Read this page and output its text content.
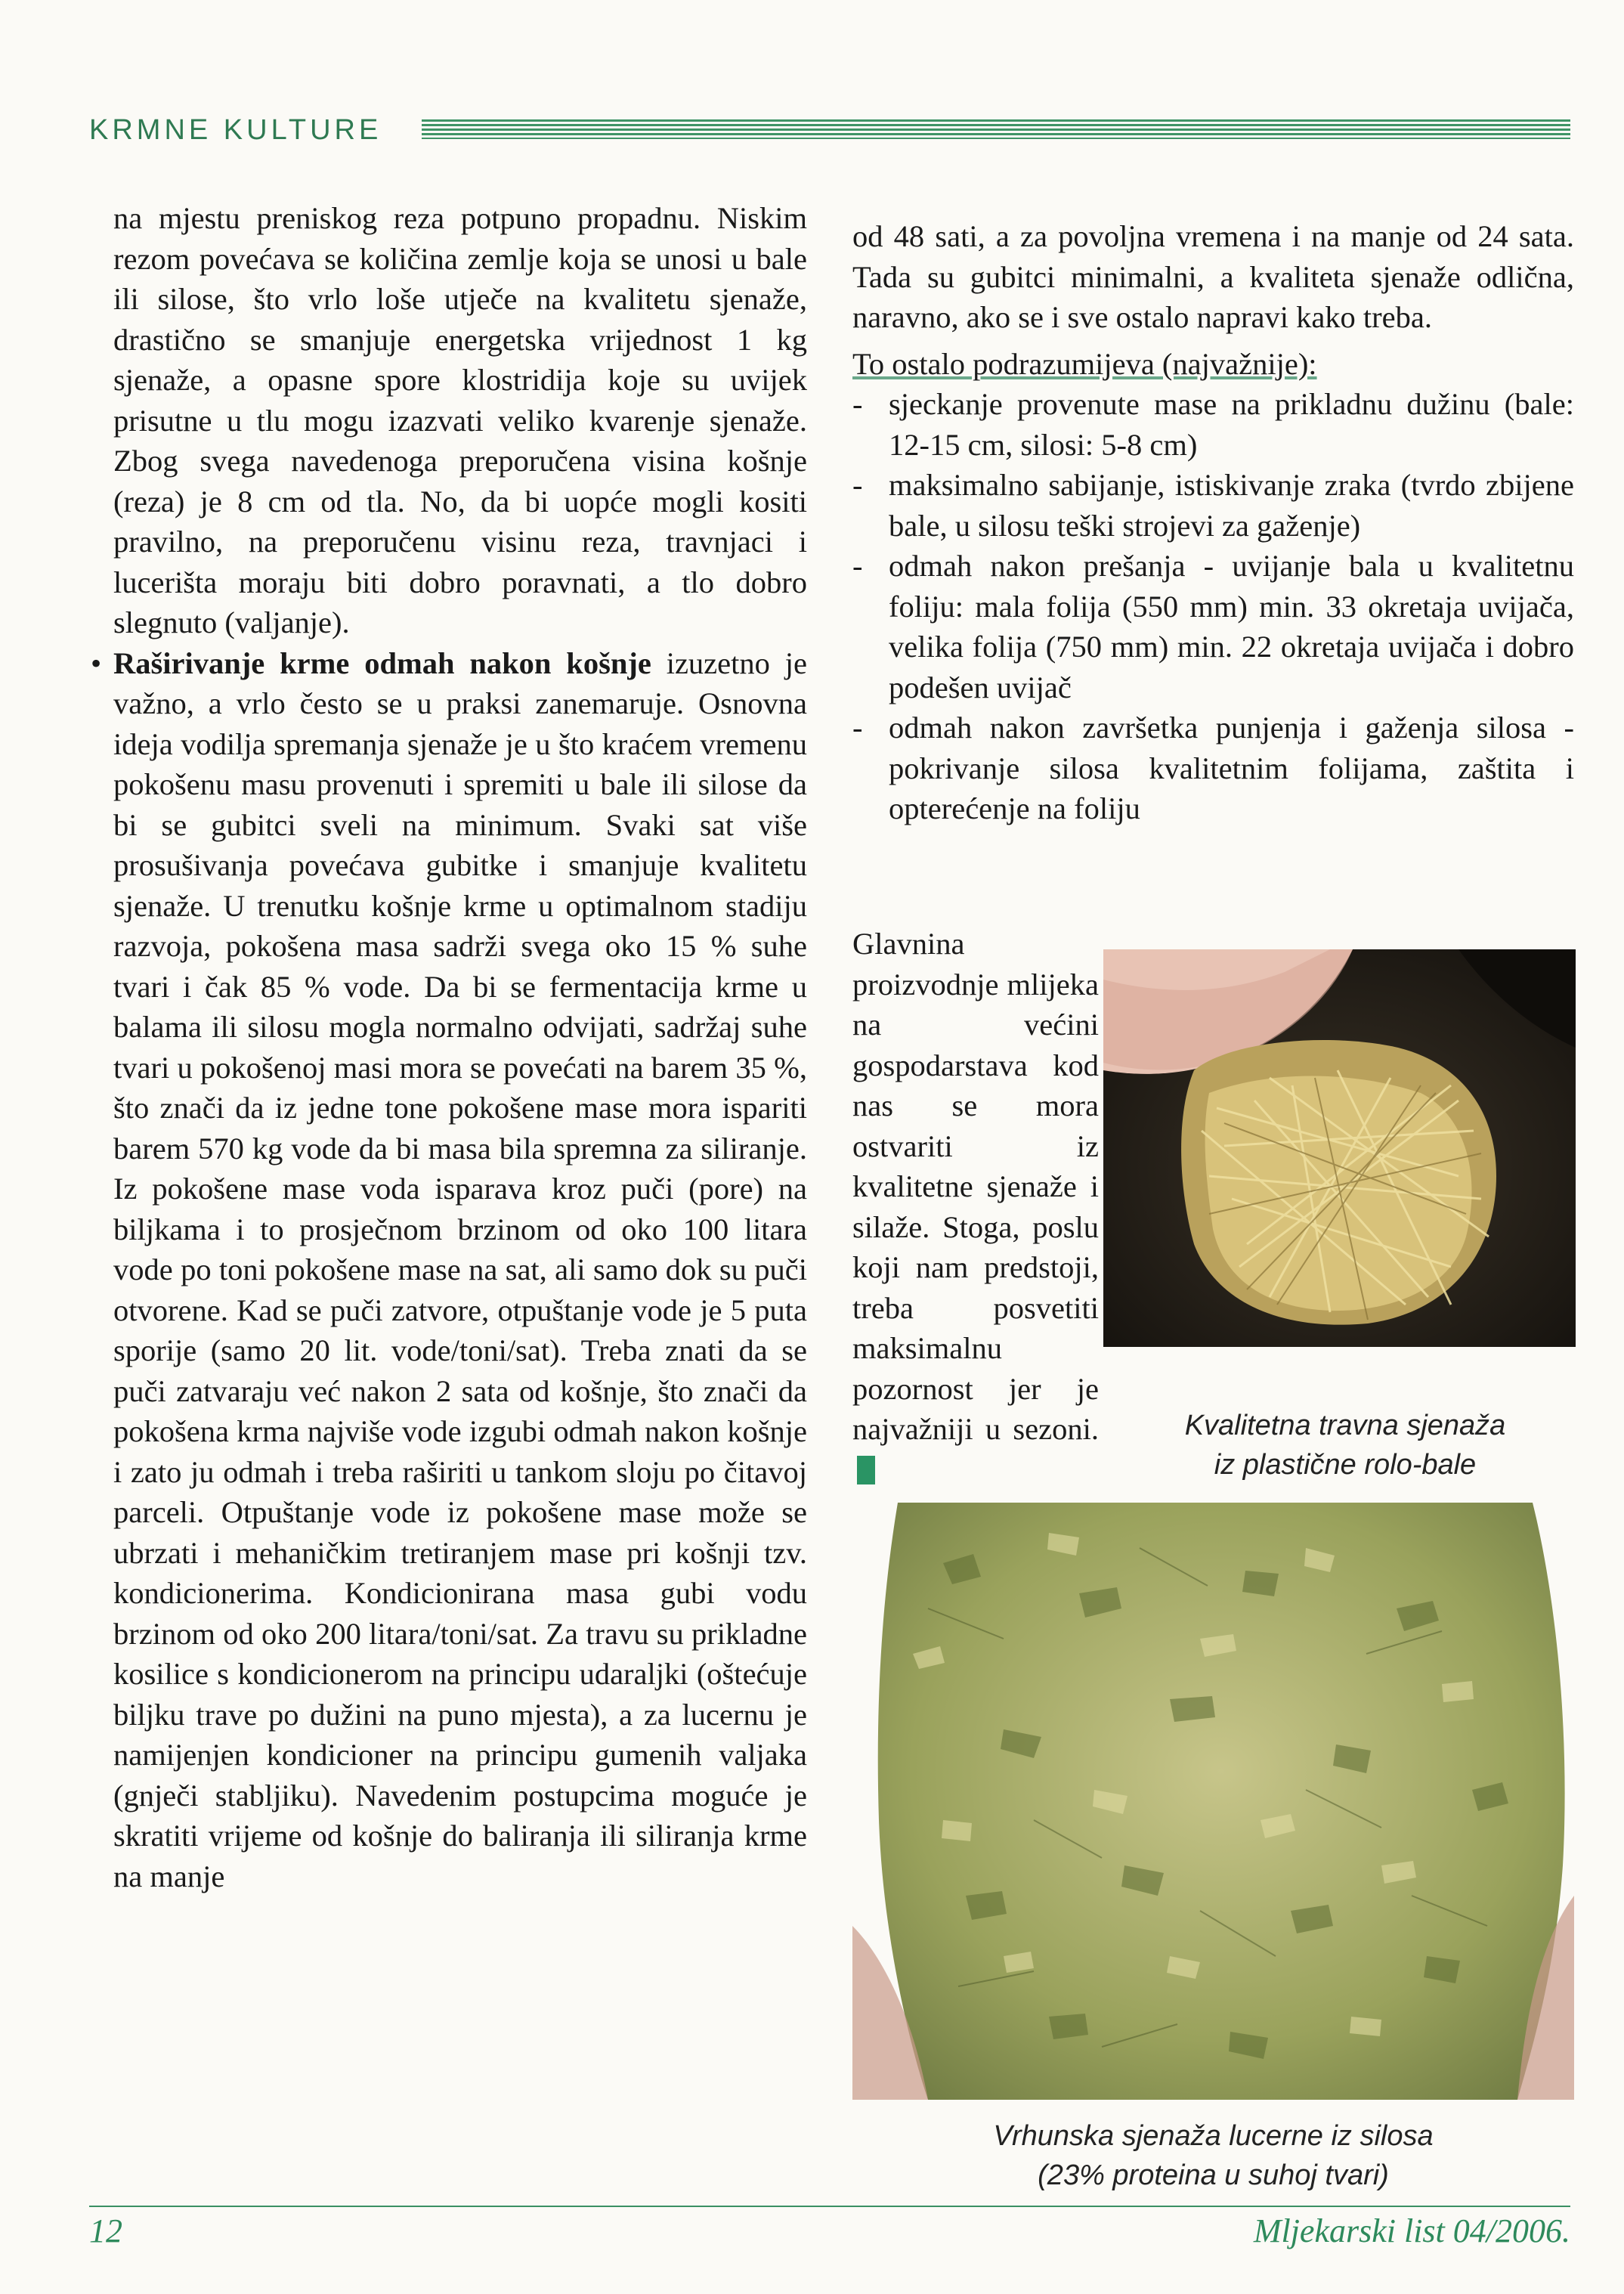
KRMNE KULTURE

na mjestu preniskog reza potpuno propadnu. Niskim rezom povećava se količina zemlje koja se unosi u bale ili silose, što vrlo loše utječe na kvalitetu sjenaže, drastično se smanjuje energetska vrijednost 1 kg sjenaže, a opasne spore klostridija koje su uvijek prisutne u tlu mogu izazvati veliko kvarenje sjenaže. Zbog svega navedenoga preporučena visina košnje (reza) je 8 cm od tla. No, da bi uopće mogli kositi pravilno, na preporučenu visinu reza, travnjaci i lucerišta moraju biti dobro poravnati, a tlo dobro slegnuto (valjanje).

• Raširivanje krme odmah nakon košnje izuzetno je važno, a vrlo često se u praksi zanemaruje. Osnovna ideja vodilja spremanja sjenaže je u što kraćem vremenu pokošenu masu provenuti i spremiti u bale ili silose da bi se gubitci sveli na minimum. Svaki sat više prosušivanja povećava gubitke i smanjuje kvalitetu sjenaže. U trenutku košnje krme u optimalnom stadiju razvoja, pokošena masa sadrži svega oko 15 % suhe tvari i čak 85 % vode. Da bi se fermentacija krme u balama ili silosu mogla normalno odvijati, sadržaj suhe tvari u pokošenoj masi mora se povećati na barem 35 %, što znači da iz jedne tone pokošene mase mora ispariti barem 570 kg vode da bi masa bila spremna za siliranje. Iz pokošene mase voda isparava kroz puči (pore) na biljkama i to prosječnom brzinom od oko 100 litara vode po toni pokošene mase na sat, ali samo dok su puči otvorene. Kad se puči zatvore, otpuštanje vode je 5 puta sporije (samo 20 lit. vode/toni/sat). Treba znati da se puči zatvaraju već nakon 2 sata od košnje, što znači da pokošena krma najviše vode izgubi odmah nakon košnje i zato ju odmah i treba raširiti u tankom sloju po čitavoj parceli. Otpuštanje vode iz pokošene mase može se ubrzati i mehaničkim tretiranjem mase pri košnji tzv. kondicionerima. Kondicionirana masa gubi vodu brzinom od oko 200 litara/toni/sat. Za travu su prikladne kosilice s kondicionerom na principu udaraljki (oštećuje biljku trave po dužini na puno mjesta), a za lucernu je namijenjen kondicioner na principu gumenih valjaka (gnječi stabljiku). Navedenim postupcima moguće je skratiti vrijeme od košnje do baliranja ili siliranja krme na manje

od 48 sati, a za povoljna vremena i na manje od 24 sata. Tada su gubitci minimalni, a kvaliteta sjenaže odlična, naravno, ako se i sve ostalo napravi kako treba.

To ostalo podrazumijeva (najvažnije):

- sjeckanje provenute mase na prikladnu dužinu (bale: 12-15 cm, silosi: 5-8 cm)
- maksimalno sabijanje, istiskivanje zraka (tvrdo zbijene bale, u silosu teški strojevi za gaženje)
- odmah nakon prešanja - uvijanje bala u kvalitetnu foliju: mala folija (550 mm) min. 33 okretaja uvijača, velika folija (750 mm) min. 22 okretaja uvijača i dobro podešen uvijač
- odmah nakon završetka punjenja i gaženja silosa - pokrivanje silosa kvalitetnim folijama, zaštita i opterećenje na foliju
Glavnina proizvodnje mlijeka na većini gospodarstava kod nas se mora ostvariti iz kvalitetne sjenaže i silaže. Stoga, poslu koji nam predstoji, treba posvetiti maksimalnu pozornost jer je najvažniji u sezoni.	Kvalitetna travna sjenaža
iz plastične rolo-bale
Vrhunska sjenaža lucerne iz silosa
(23% proteina u suhoj tvari)
12	Mljekarski list 04/2006.
